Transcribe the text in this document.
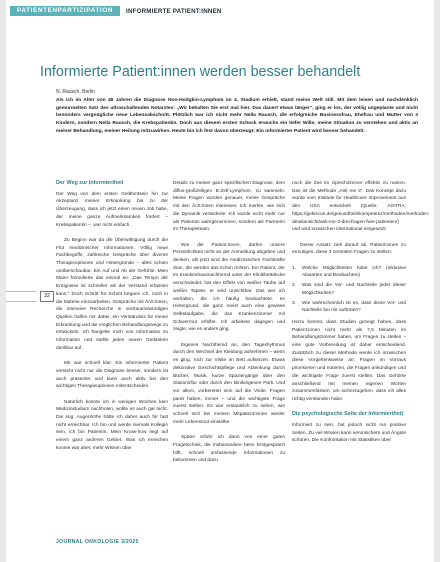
PATIENTENPARTIZIPATION	INFORMIERTE PATIENT:INNEN
Informierte Patient:innen werden besser behandelt
N. Rausch, Berlin
Als ich im Alter von 49 Jahren die Diagnose Non-Hodgkin-Lymphom im 4. Stadium erhielt, stand meine Welt still. Mit dem leisen und nachdenklich gemurmelten Satz des ultraschallenden Notarztes: „Wir behalten Sie erst mal hier. Das dauert etwas länger“, ging er los, der völlig ungeplante und nicht besonders vergnügliche neue Lebensabschnitt. Plötzlich war ich nicht mehr Nella Rausch, die erfolgreiche Businessfrau, Ehefrau und Mutter von 3 Kindern, sondern Nella Rausch, die Krebspatientin. Doch aus diesem ersten Schock erwuchs ein tiefer Wille, meine Situation zu verstehen und aktiv an meiner Behandlung, meiner Heilung mitzuwirken. Heute bin ich fest davon überzeugt: Ein informierter Patient wird besser behandelt.
32
Der Weg zur Informiertheit

Der Weg von dem ersten Gelähmtsein hin zur Akzeptanz meiner Erkrankung bis zu der Überzeugung, dass ich jetzt einen neuen Job habe, der meine ganze Aufmerksamkeit fordert – Krebspatientin –, war nicht einfach.

Zu Beginn war da die Überwältigung durch die Flut medizinischer Informationen. Völlig neue Fachbegriffe, zahlreiche Gespräche über diverse Therapieoptionen und Hintergründe – alles schien unüberschaubar. Ein Auf und Ab der Gefühle. Mein Mann formulierte das einmal so: „Das Tempo der Ereignisse ist schneller als der Verstand erfassen kann.“ Doch Schritt für Schritt begann ich, mich in die Materie einzuarbeiten. Gespräche mit Ärzt:innen, die intensive Recherche in vertrauenswürdigen Quellen halfen mir dabei, ein Verständnis für meine Erkrankung und die möglichen Behandlungswege zu entwickeln. Ich hangelte mich von Information zu Information und stellte jeden neuen Gedanken dankbar auf.

Mir war schnell klar: Ein informierter Patient versteht nicht nur die Diagnose besser, sondern ist auch präsenter und kann auch aktiv bei den wichtigen Therapieoptionen mitentscheiden.

Natürlich konnte ich in wenigen Wochen kein Medizinstudium nachholen, wollte es auch gar nicht. Die sog. Augenhöhe hätte ich daher auch für fast nicht erreichbar. Ich bin und werde niemals Kollegin sein, ich bin Patientin. Mein Know-how liegt auf einem ganz anderen Gebiet. Was ich erreichen konnte war aber, mehr Wissen über

Details zu meiner ganz spezifischen Diagnose, dem diffus-großzelligen B-Zell-Lymphom, zu sammeln. Meine Fragen wurden genauer, meine Gespräche mit den Ärzt:innen intensiver. Ich merkte, wie sich die Dynamik veränderte: Ich wurde nicht mehr nur als Patientin wahrgenommen, sondern als Partnerin im Therapieteam.

Wie die Patient:innen, dürfen unsere Persönlichkeit nicht an der Anmeldung abgeben und denken, als jetzt sind die medizinischen Fachkräfte dran, die werden das schon richten. Ein Patient, der im Krankenhausnachhemd unter der Klinikbettdecke verschwindet, hat den Effekt von weißer Taube auf weißer Tapete, er wird unsichtbar. Das wer ich verhalten, die ich häufig beobachtete. Im Hintergrund, die ganz meist auch eine gewisse Selbstaufgabe, die das Krankenzimmer mit Schwermut erfüllte. Ich arbeitete dagegen und zeigte, wie es anders ging.

Eigenes Nachthemd an, den Tageshythmus durch den Wechsel der Kleidung aufnehmen – wenn es ging. Sich zur Visite im Bett aufsetzen. Etwas dekorative Geschichtspflege und Ablenkung durch Bücher, Musik, kurze Spaziergänge über den Stationsflur oder durch den klinikeigenen Park. Und vor allem, vorbereitet sein auf die Visite. Fragen parat haben, immer – und die wichtigste Frage zuerst stellen. Es war erstaunlich zu sehen, wie schnell sich bei meinen Mitpatient:innen wieder mehr Lebensmut einstellte.

Später erfuhr ich dann von einer guten Fragetechnik, die insbesondere beim Erstgespräch hilft, schnell umfassende Informationen zu bekommen und dazu

noch die Zeit im Sprechzimmer effektiv zu nutzen. Das ist die Methode „Ask me 3“. Das Konzept dazu wurde vom Institute for Healthcare Improvement aus den USA entwickelt (Quelle: AIXTRA: https://gekiscoe.de/gesundheitskompetenz/methoden/methoden-detailansicht/ask-me-3-drei-fragen-fuer-patienten/) und wird inzwischen international eingesetzt.

Dieser Ansatz zielt darauf ab, Patient:innen zu ermutigen, diese 3 zentralen Fragen zu stellen:

1.	Welche Möglichkeiten habe ich? (inklusive Abwarten und Beobachten)
2.	Was sind die Vor- und Nachteile jeder dieser Möglichkeiten?
3.	Wie wahrscheinlich ist es, dass diese Vor- und Nachteile bei mir auftreten?

Hinzu kommt, dass Studien gezeigt haben, dass Patient:innen nicht mehr als 7,5 Minuten im Behandlungszimmer haben, um Fragen zu stellen – eine gute Vorbereitung ist daher entscheidend. Zusätzlich zu dieser Methode werde ich inzwischen diese Vorgehensweise an: Fragen im Vorraus priorisieren und notieren, die Fragen ankündigen und die wichtigste Frage zuerst stellen. Das Gehörte anschließend mit meinen eigenen Worten zusammenfassen, um sicherzugehen, dass ich alles richtig verstanden habe.

Die psychologische Seite der Informiertheit

Informiert zu sein, hat jedoch nicht nur positive Seiten. Zu viel Wissen kann verunsichern und Ängste schüren. Die Konfrontation mit Statistiken über

JOURNAL ONKOLOGIE 3/2025
